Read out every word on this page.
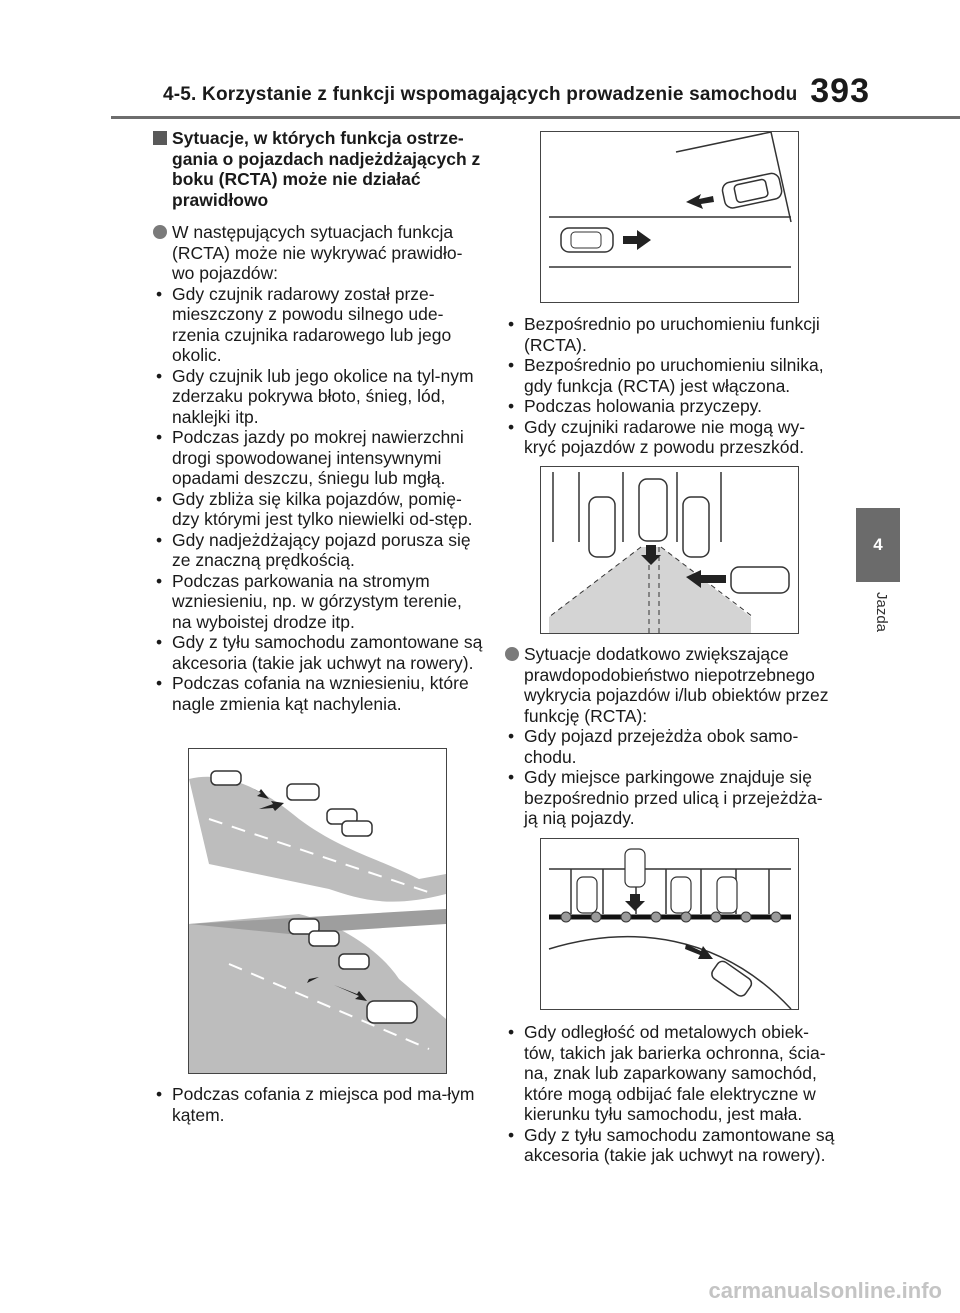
4-5. Korzystanie z funkcji wspomagających prowadzenie samochodu 393
4
Jazda
Sytuacje, w których funkcja ostrze-gania o pojazdach nadjeżdżających z boku (RCTA) może nie działać prawidłowo
W następujących sytuacjach funkcja (RCTA) może nie wykrywać prawidło-wo pojazdów:
• Gdy czujnik radarowy został prze-mieszczony z powodu silnego ude-rzenia czujnika radarowego lub jego okolic.
• Gdy czujnik lub jego okolice na tyl-nym zderzaku pokrywa błoto, śnieg, lód, naklejki itp.
• Podczas jazdy po mokrej nawierzchni drogi spowodowanej intensywnymi opadami deszczu, śniegu lub mgłą.
• Gdy zbliża się kilka pojazdów, pomię-dzy którymi jest tylko niewielki od-stęp.
• Gdy nadjeżdżający pojazd porusza się ze znaczną prędkością.
• Podczas parkowania na stromym wzniesieniu, np. w górzystym terenie, na wyboistej drodze itp.
• Gdy z tyłu samochodu zamontowane są akcesoria (takie jak uchwyt na rowery).
• Podczas cofania na wzniesieniu, które nagle zmienia kąt nachylenia.
• Podczas cofania z miejsca pod ma-łym kątem.
• Bezpośrednio po uruchomieniu funkcji (RCTA).
• Bezpośrednio po uruchomieniu silnika, gdy funkcja (RCTA) jest włączona.
• Podczas holowania przyczepy.
• Gdy czujniki radarowe nie mogą wy-kryć pojazdów z powodu przeszkód.
Sytuacje dodatkowo zwiększające prawdopodobieństwo niepotrzebnego wykrycia pojazdów i/lub obiektów przez funkcję (RCTA):
• Gdy pojazd przejeżdża obok samo-chodu.
• Gdy miejsce parkingowe znajduje się bezpośrednio przed ulicą i przejeżdża-ją nią pojazdy.
• Gdy odległość od metalowych obiek-tów, takich jak barierka ochronna, ścia-na, znak lub zaparkowany samochód, które mogą odbijać fale elektryczne w kierunku tyłu samochodu, jest mała.
• Gdy z tyłu samochodu zamontowane są akcesoria (takie jak uchwyt na rowery).
carmanualsonline.info
